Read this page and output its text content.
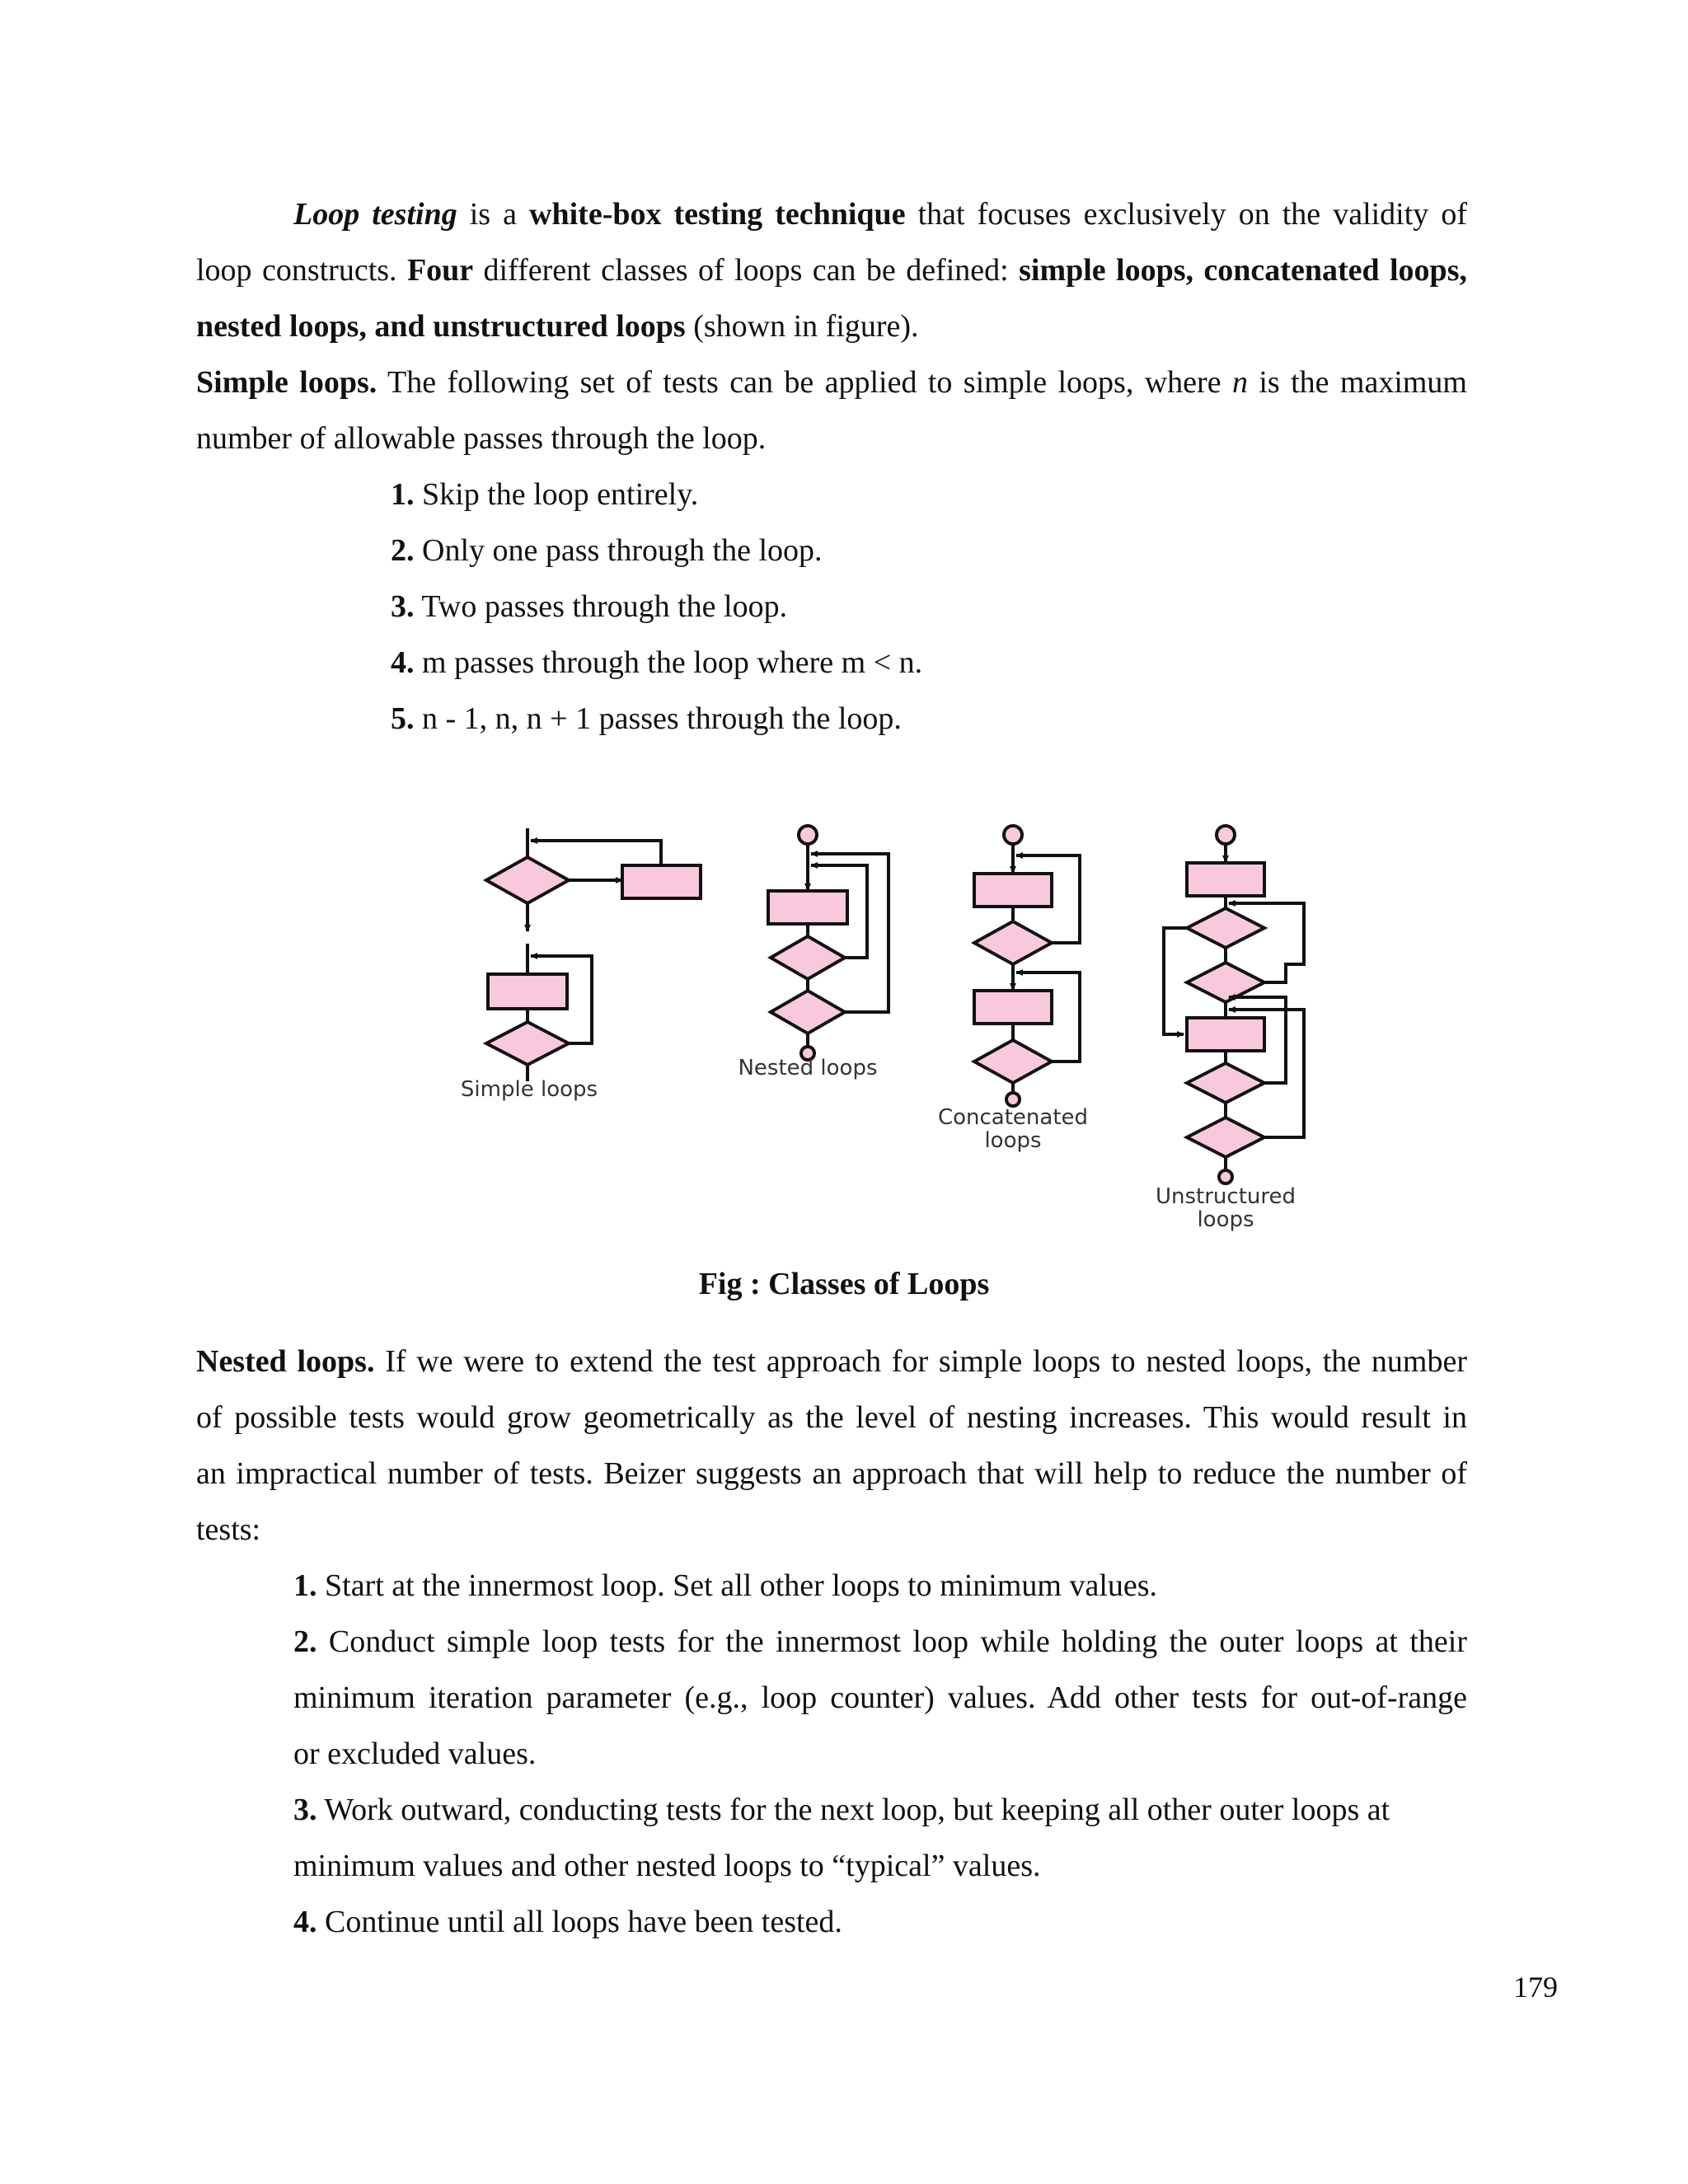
Loop testing is a white-box testing technique that focuses exclusively on the validity of
loop constructs. Four different classes of loops can be defined: simple loops, concatenated loops,
nested loops, and unstructured loops (shown in figure).
Simple loops. The following set of tests can be applied to simple loops, where n is the maximum
number of allowable passes through the loop.
1. Skip the loop entirely.
2. Only one pass through the loop.
3. Two passes through the loop.
4. m passes through the loop where m < n.
5. n - 1, n, n + 1 passes through the loop.
Simple loops
Nested loops
Concatenated
loops
Unstructured
loops
Fig : Classes of Loops
Nested loops. If we were to extend the test approach for simple loops to nested loops, the number
of possible tests would grow geometrically as the level of nesting increases. This would result in
an impractical number of tests. Beizer suggests an approach that will help to reduce the number of
tests:
1. Start at the innermost loop. Set all other loops to minimum values.
2. Conduct simple loop tests for the innermost loop while holding the outer loops at their
minimum iteration parameter (e.g., loop counter) values. Add other tests for out-of-range
or excluded values.
3. Work outward, conducting tests for the next loop, but keeping all other outer loops at
minimum values and other nested loops to “typical” values.
4. Continue until all loops have been tested.
179
